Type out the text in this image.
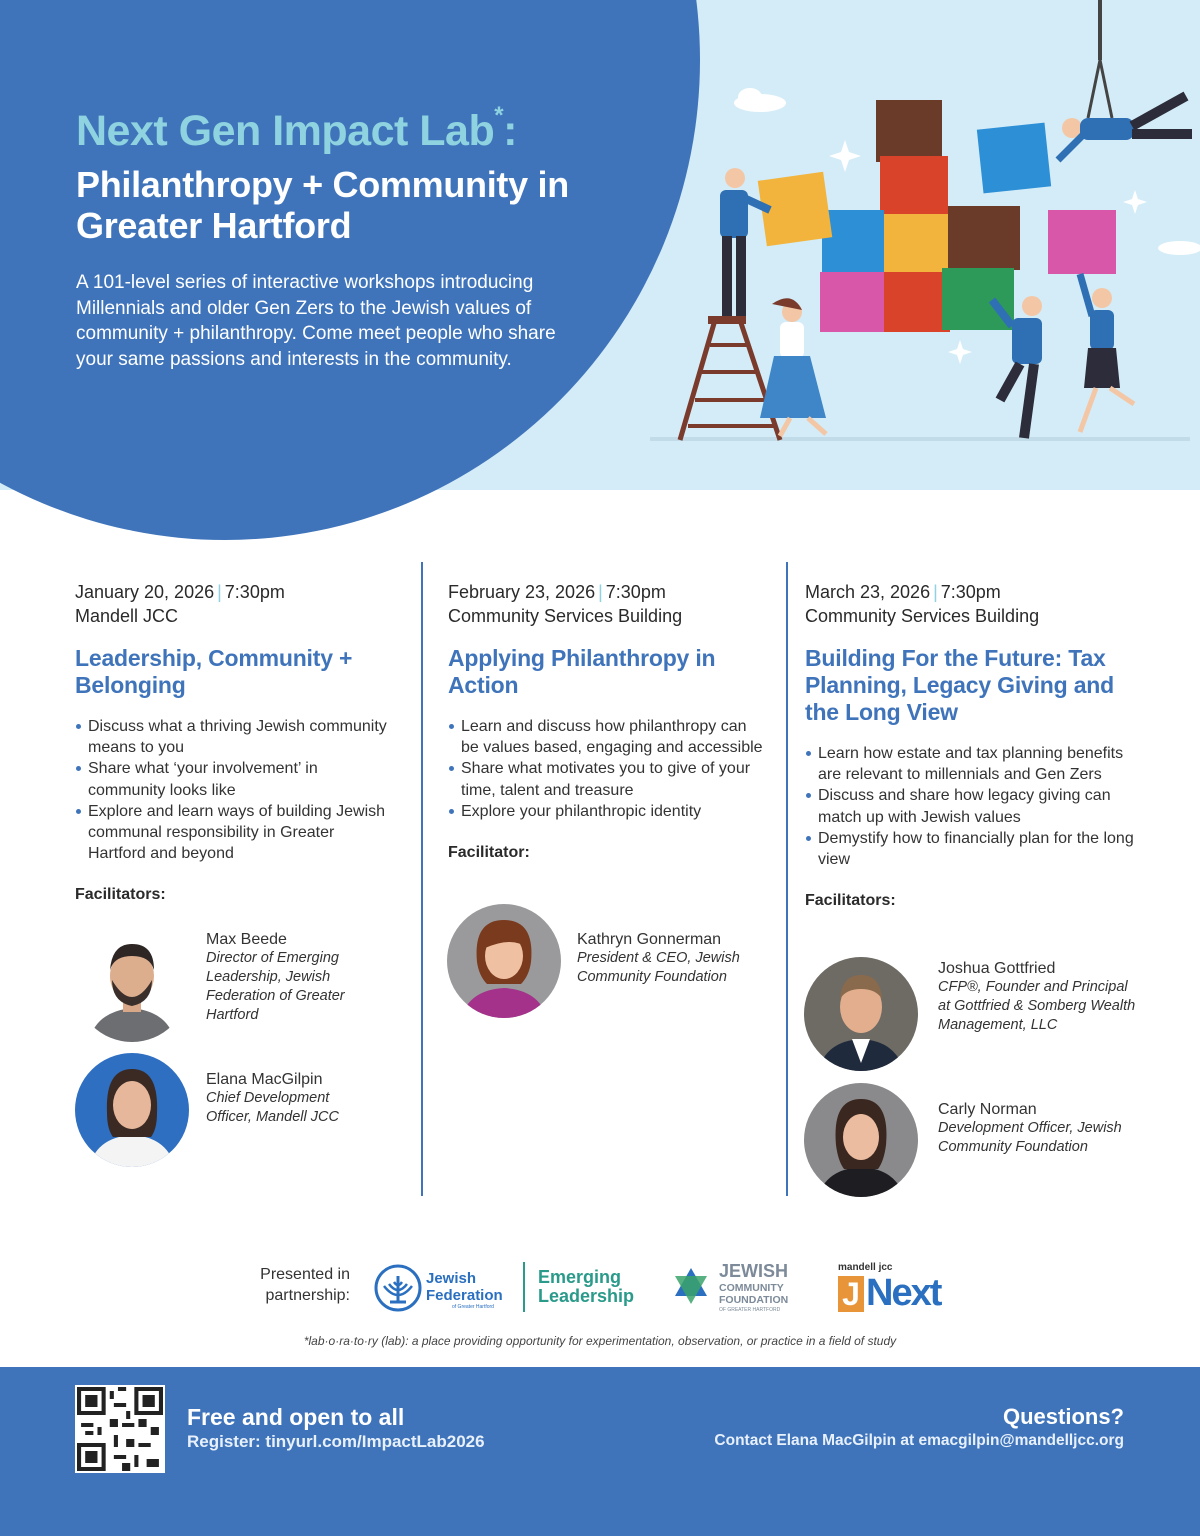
Next Gen Impact Lab*:
Philanthropy + Community in Greater Hartford
A 101-level series of interactive workshops introducing Millennials and older Gen Zers to the Jewish values of community + philanthropy. Come meet people who share your same passions and interests in the community.
January 20, 2026 | 7:30pm
Mandell JCC
Leadership, Community + Belonging
Discuss what a thriving Jewish community means to you
Share what ‘your involvement’ in community looks like
Explore and learn ways of building Jewish communal responsibility in Greater Hartford and beyond
Facilitators:
Max Beede
Director of Emerging Leadership, Jewish Federation of Greater Hartford
Elana MacGilpin
Chief Development Officer, Mandell JCC
February 23, 2026 | 7:30pm
Community Services Building
Applying Philanthropy in Action
Learn and discuss how philanthropy can be values based, engaging and accessible
Share what motivates you to give of your time, talent and treasure
Explore your philanthropic identity
Facilitator:
Kathryn Gonnerman
President & CEO, Jewish Community Foundation
March 23, 2026 | 7:30pm
Community Services Building
Building For the Future: Tax Planning, Legacy Giving and the Long View
Learn how estate and tax planning benefits are relevant to millennials and Gen Zers
Discuss and share how legacy giving can match up with Jewish values
Demystify how to financially plan for the long view
Facilitators:
Joshua Gottfried
CFP®, Founder and Principal at Gottfried & Somberg Wealth Management, LLC
Carly Norman
Development Officer, Jewish Community Foundation
Presented in partnership:
Jewish Federation
of Greater Hartford
Emerging Leadership
JEWISH
COMMUNITY
FOUNDATION
OF GREATER HARTFORD
mandell jcc
J Next
*lab·o·ra·to·ry (lab): a place providing opportunity for experimentation, observation, or practice in a field of study
Free and open to all
Register: tinyurl.com/ImpactLab2026
Questions?
Contact Elana MacGilpin at emacgilpin@mandelljcc.org
